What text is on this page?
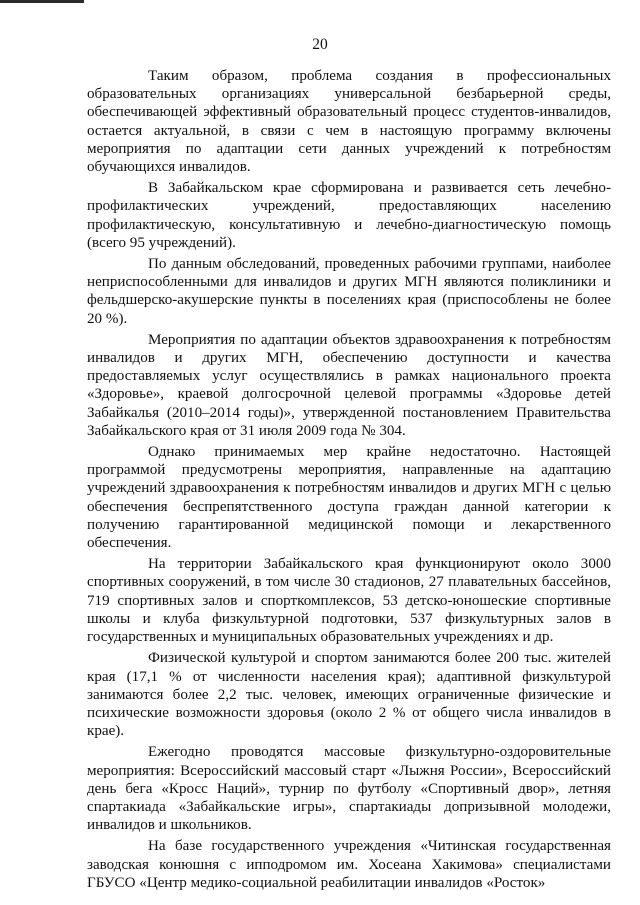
20

Таким образом, проблема создания в профессиональных образовательных организациях универсальной безбарьерной среды, обеспечивающей эффективный образовательный процесс студентов-инвалидов, остается актуальной, в связи с чем в настоящую программу включены мероприятия по адаптации сети данных учреждений к потребностям обучающихся инвалидов.

В Забайкальском крае сформирована и развивается сеть лечебно-профилактических учреждений, предоставляющих населению профилактическую, консультативную и лечебно-диагностическую помощь (всего 95 учреждений).

По данным обследований, проведенных рабочими группами, наиболее неприспособленными для инвалидов и других МГН являются поликлиники и фельдшерско-акушерские пункты в поселениях края (приспособлены не более 20 %).

Мероприятия по адаптации объектов здравоохранения к потребностям инвалидов и других МГН, обеспечению доступности и качества предоставляемых услуг осуществлялись в рамках национального проекта «Здоровье», краевой долгосрочной целевой программы «Здоровье детей Забайкалья (2010–2014 годы)», утвержденной постановлением Правительства Забайкальского края от 31 июля 2009 года № 304.

Однако принимаемых мер крайне недостаточно. Настоящей программой предусмотрены мероприятия, направленные на адаптацию учреждений здравоохранения к потребностям инвалидов и других МГН с целью обеспечения беспрепятственного доступа граждан данной категории к получению гарантированной медицинской помощи и лекарственного обеспечения.

На территории Забайкальского края функционируют около 3000 спортивных сооружений, в том числе 30 стадионов, 27 плавательных бассейнов, 719 спортивных залов и спорткомплексов, 53 детско-юношеские спортивные школы и клуба физкультурной подготовки, 537 физкультурных залов в государственных и муниципальных образовательных учреждениях и др.

Физической культурой и спортом занимаются более 200 тыс. жителей края (17,1 % от численности населения края); адаптивной физкультурой занимаются более 2,2 тыс. человек, имеющих ограниченные физические и психические возможности здоровья (около 2 % от общего числа инвалидов в крае).

Ежегодно проводятся массовые физкультурно-оздоровительные мероприятия: Всероссийский массовый старт «Лыжня России», Всероссийский день бега «Кросс Наций», турнир по футболу «Спортивный двор», летняя спартакиада «Забайкальские игры», спартакиады допризывной молодежи, инвалидов и школьников.

На базе государственного учреждения «Читинская государственная заводская конюшня с ипподромом им. Хосеана Хакимова» специалистами ГБУСО «Центр медико-социальной реабилитации инвалидов «Росток»
